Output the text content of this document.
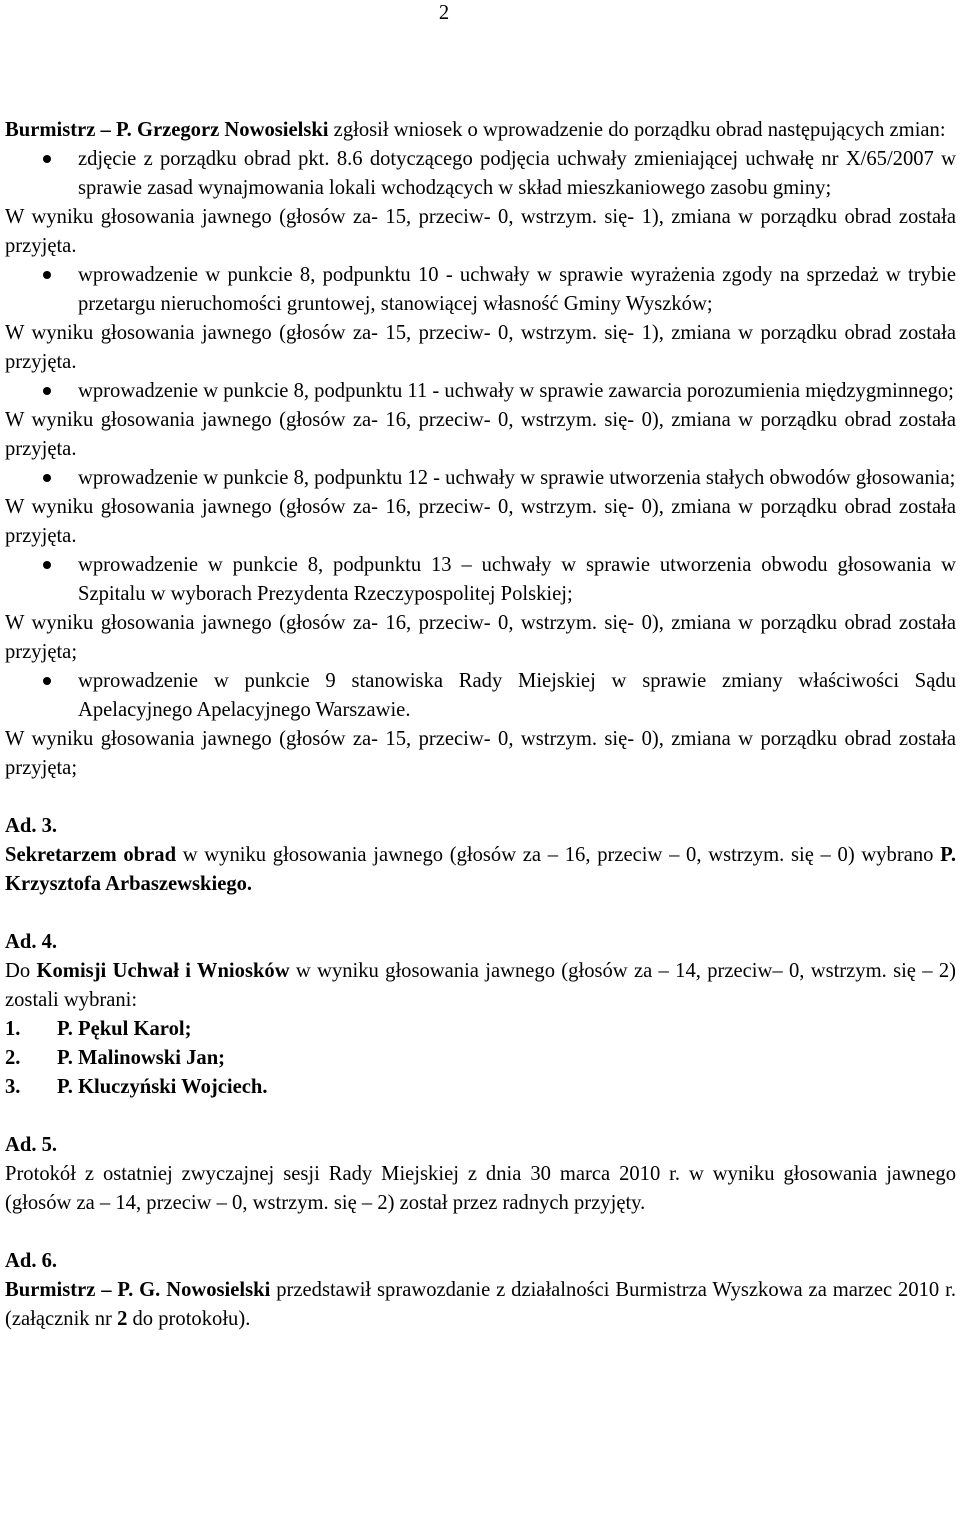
2

Burmistrz – P. Grzegorz Nowosielski zgłosił wniosek o wprowadzenie do porządku obrad następujących zmian:

zdjęcie z porządku obrad pkt. 8.6 dotyczącego podjęcia uchwały zmieniającej uchwałę nr X/65/2007 w sprawie zasad wynajmowania lokali wchodzących w skład mieszkaniowego zasobu gminy;

W wyniku głosowania jawnego (głosów za- 15, przeciw- 0, wstrzym. się- 1), zmiana w porządku obrad została przyjęta.

wprowadzenie w punkcie 8, podpunktu 10 - uchwały w sprawie wyrażenia zgody na sprzedaż w trybie przetargu nieruchomości gruntowej, stanowiącej własność Gminy Wyszków;

W wyniku głosowania jawnego (głosów za- 15, przeciw- 0, wstrzym. się- 1), zmiana w porządku obrad została przyjęta.

wprowadzenie w punkcie 8, podpunktu 11 - uchwały w sprawie zawarcia porozumienia międzygminnego;

W wyniku głosowania jawnego (głosów za- 16, przeciw- 0, wstrzym. się- 0), zmiana w porządku obrad została przyjęta.

wprowadzenie w punkcie 8, podpunktu 12 - uchwały w sprawie utworzenia stałych obwodów głosowania;

W wyniku głosowania jawnego (głosów za- 16, przeciw- 0, wstrzym. się- 0), zmiana w porządku obrad została przyjęta.

wprowadzenie w punkcie 8, podpunktu 13 – uchwały w sprawie utworzenia obwodu głosowania w Szpitalu w wyborach Prezydenta Rzeczypospolitej Polskiej;

W wyniku głosowania jawnego (głosów za- 16, przeciw- 0, wstrzym. się- 0), zmiana w porządku obrad została przyjęta;

wprowadzenie w punkcie 9 stanowiska Rady Miejskiej w sprawie zmiany właściwości Sądu Apelacyjnego Apelacyjnego Warszawie.

W wyniku głosowania jawnego (głosów za- 15, przeciw- 0, wstrzym. się- 0), zmiana w porządku obrad została przyjęta;

Ad. 3.

Sekretarzem obrad w wyniku głosowania jawnego (głosów za – 16, przeciw – 0, wstrzym. się – 0) wybrano P. Krzysztofa Arbaszewskiego.

Ad. 4.

Do Komisji Uchwał i Wniosków w wyniku głosowania jawnego (głosów za – 14, przeciw– 0, wstrzym. się – 2) zostali wybrani:

1. P. Pękul Karol;

2. P. Malinowski Jan;

3. P. Kluczyński Wojciech.

Ad. 5.

Protokół z ostatniej zwyczajnej sesji Rady Miejskiej z dnia 30 marca 2010 r. w wyniku głosowania jawnego (głosów za – 14, przeciw – 0, wstrzym. się – 2) został przez radnych przyjęty.

Ad. 6.

Burmistrz – P. G. Nowosielski przedstawił sprawozdanie z działalności Burmistrza Wyszkowa za marzec 2010 r. (załącznik nr 2 do protokołu).
